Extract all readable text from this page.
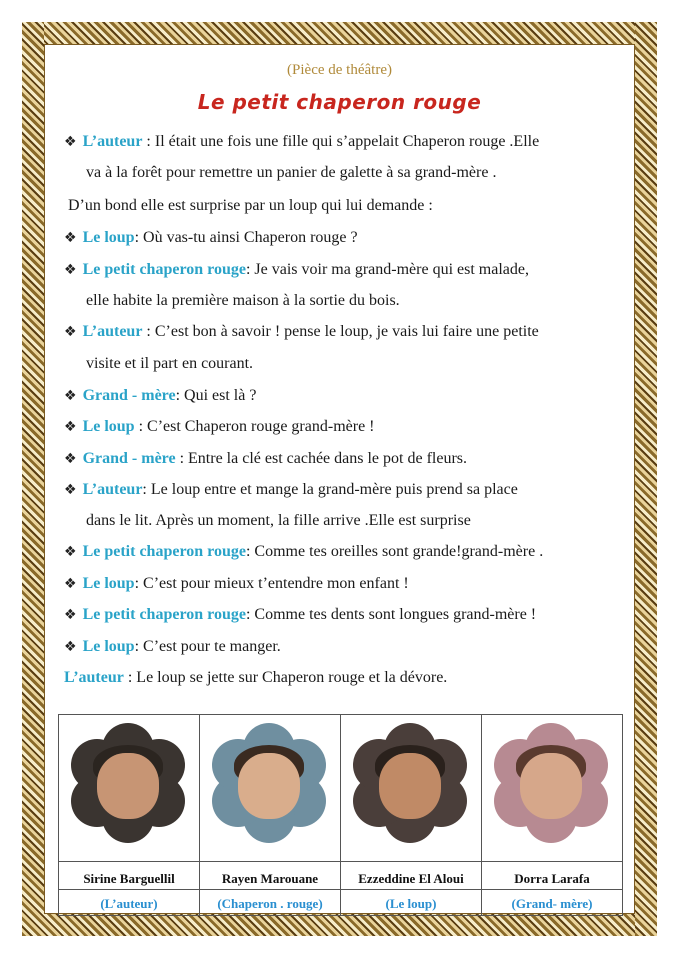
(Pièce de théâtre)
Le petit chaperon rouge
❖ L’auteur : Il était une fois une fille qui s’appelait Chaperon rouge .Elle
va à la forêt pour remettre un panier de galette à sa grand-mère .
D’un bond elle est surprise par un loup qui lui demande :
❖ Le loup: Où vas-tu ainsi Chaperon rouge ?
❖ Le petit chaperon rouge: Je vais voir ma grand-mère qui est malade,
elle habite la première maison à la sortie du bois.
❖ L’auteur : C’est bon à savoir ! pense le loup, je vais lui faire une petite
visite et il part en courant.
❖ Grand - mère: Qui est là ?
❖ Le loup : C’est Chaperon rouge grand-mère !
❖ Grand - mère : Entre la clé est cachée dans le pot de fleurs.
❖ L’auteur: Le loup entre et mange la grand-mère puis prend sa place
dans le lit. Après un moment, la fille arrive .Elle est surprise
❖ Le petit chaperon rouge: Comme tes oreilles sont grande!grand-mère .
❖ Le loup: C’est pour mieux t’entendre mon enfant !
❖ Le petit chaperon rouge: Comme tes dents sont longues grand-mère !
❖ Le loup: C’est pour te manger.
L’auteur : Le loup se jette sur Chaperon rouge et la dévore.
Sirine Barguellil
(L’auteur)
Rayen Marouane
(Chaperon . rouge)
Ezzeddine El Aloui
(Le loup)
Dorra Larafa
(Grand- mère)
